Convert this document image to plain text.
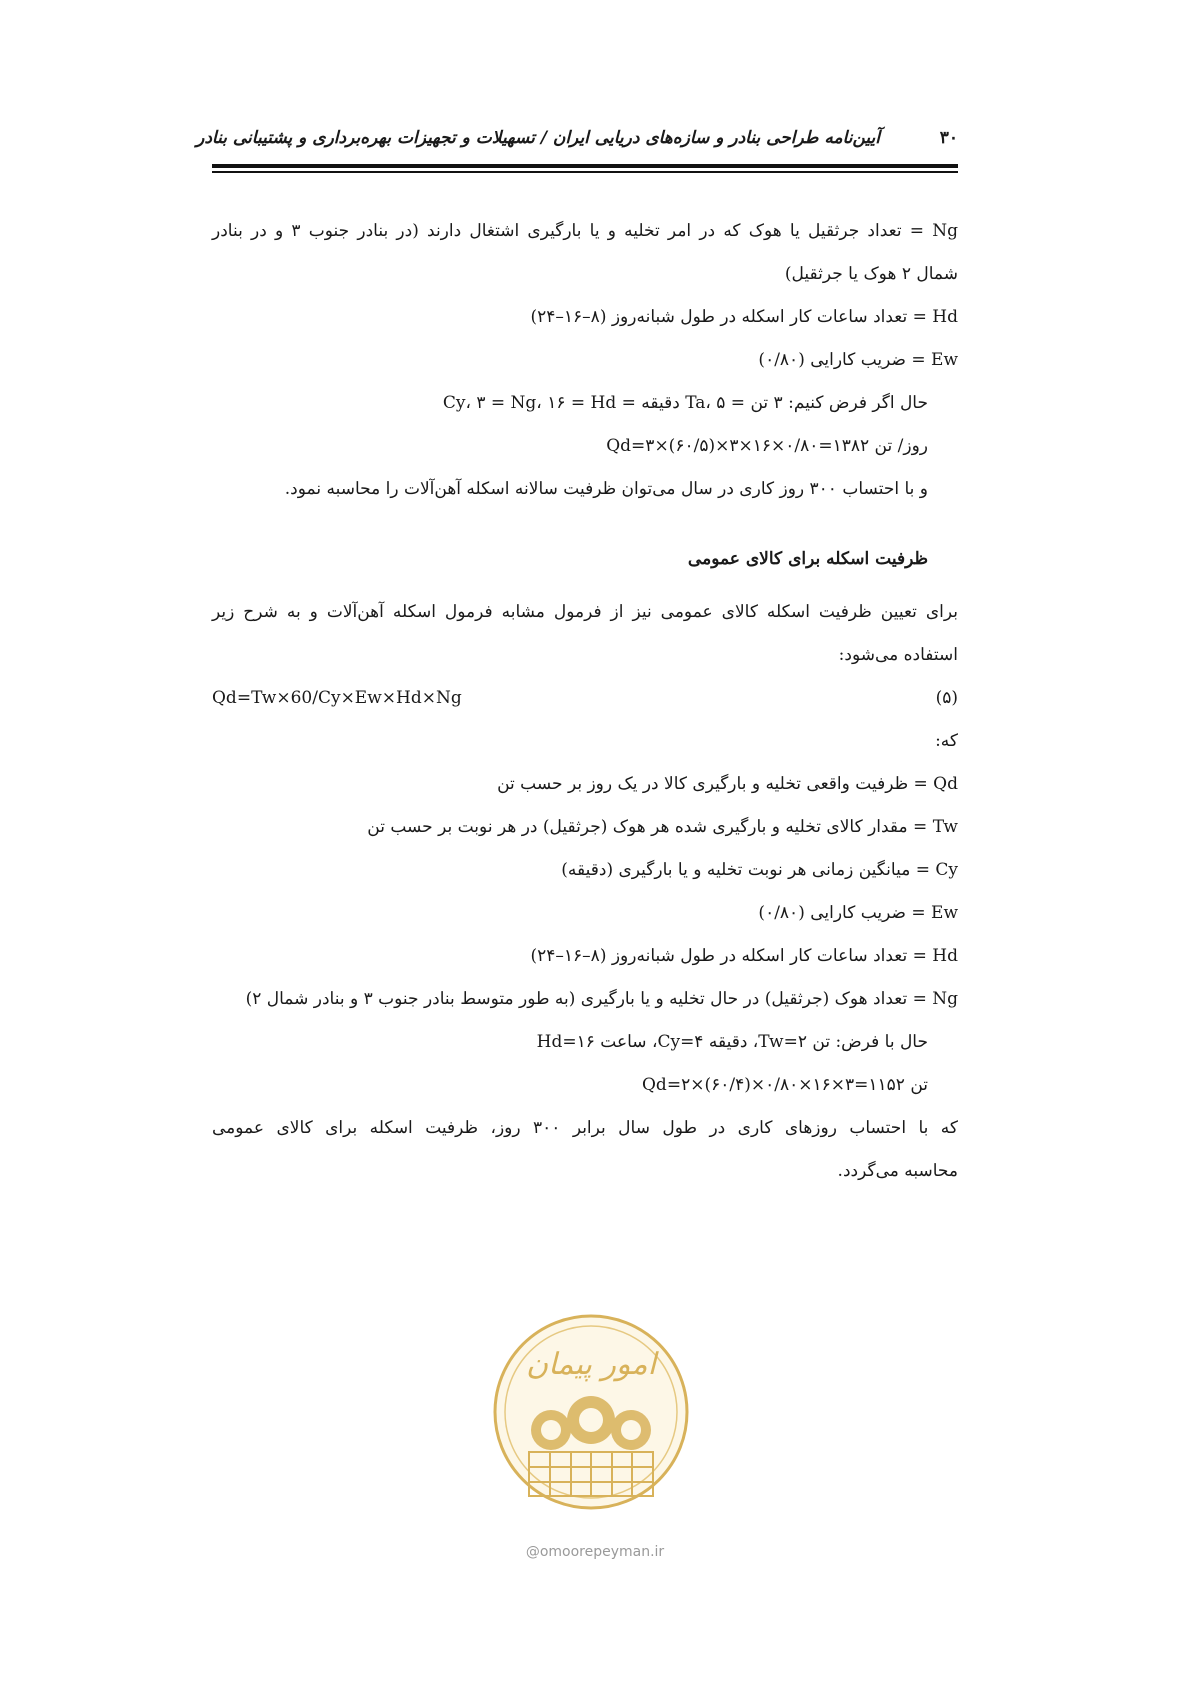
آیین‌نامه طراحی بنادر و سازه‌های دریایی ایران / تسهیلات و تجهیزات بهره‌برداری و پشتیبانی بنادر	۳۰
Ng = تعداد جرثقیل یا هوک که در امر تخلیه و یا بارگیری اشتغال دارند (در بنادر جنوب ۳ و در بنادر
شمال ۲ هوک یا جرثقیل)
Hd = تعداد ساعات کار اسکله در طول شبانه‌روز (۸–۱۶–۲۴)
Ew = ضریب کارایی (۰/۸۰)
حال اگر فرض کنیم: ۳ تن = Ta، ۵ دقیقه = Cy، ۳ = Ng، ۱۶ = Hd
روز/ تن ۱۳۸۲=۰/۸۰×۱۶×۳×(۶۰/۵)×۳=Qd
و با احتساب ۳۰۰ روز کاری در سال می‌توان ظرفیت سالانه اسکله آهن‌آلات را محاسبه نمود.
ظرفیت اسکله برای کالای عمومی
برای تعیین ظرفیت اسکله کالای عمومی نیز از فرمول مشابه فرمول اسکله آهن‌آلات و به شرح زیر
استفاده می‌شود:
Qd=Tw×60/Cy×Ew×Hd×Ng	(۵)
که:
Qd = ظرفیت واقعی تخلیه و بارگیری کالا در یک روز بر حسب تن
Tw = مقدار کالای تخلیه و بارگیری شده هر هوک (جرثقیل) در هر نوبت بر حسب تن
Cy = میانگین زمانی هر نوبت تخلیه و یا بارگیری (دقیقه)
Ew = ضریب کارایی (۰/۸۰)
Hd = تعداد ساعات کار اسکله در طول شبانه‌روز (۸–۱۶–۲۴)
Ng = تعداد هوک (جرثقیل) در حال تخلیه و یا بارگیری (به طور متوسط بنادر جنوب ۳ و بنادر شمال ۲)
حال با فرض: تن Tw=۲، دقیقه Cy=۴، ساعت Hd=۱۶
تن ۱۱۵۲=۳×۱۶×۰/۸۰×(۶۰/۴)×Qd=۲
که با احتساب روزهای کاری در طول سال برابر ۳۰۰ روز، ظرفیت اسکله برای کالای عمومی
محاسبه می‌گردد.
امور پیمان
@omoorepeyman.ir
